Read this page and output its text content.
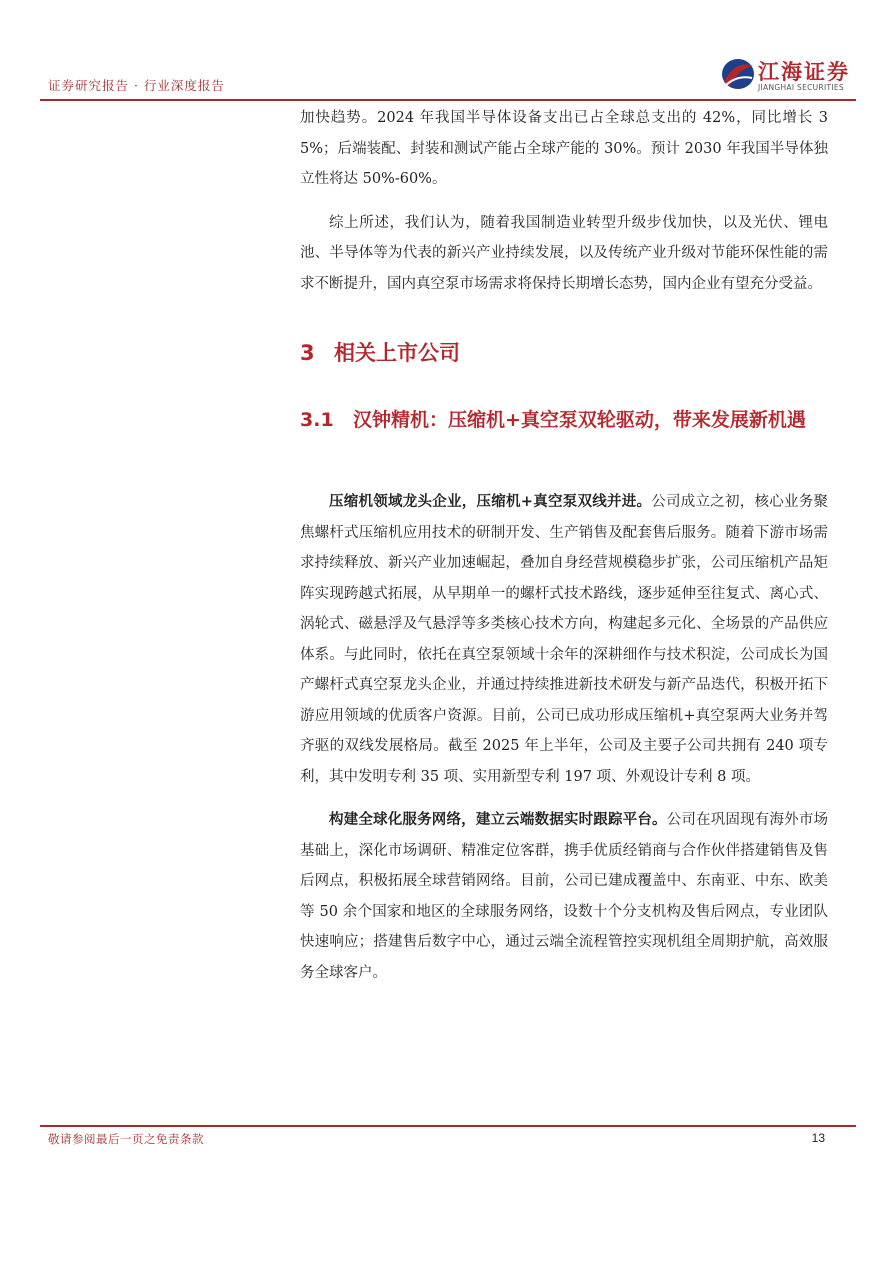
证券研究报告 · 行业深度报告
江海证券
JIANGHAI SECURITIES

加快趋势。2024 年我国半导体设备支出已占全球总支出的 42%，同比增长 35%；后端装配、封装和测试产能占全球产能的 30%。预计 2030 年我国半导体独立性将达 50%-60%。

综上所述，我们认为，随着我国制造业转型升级步伐加快，以及光伏、锂电池、半导体等为代表的新兴产业持续发展，以及传统产业升级对节能环保性能的需求不断提升，国内真空泵市场需求将保持长期增长态势，国内企业有望充分受益。

3 相关上市公司
3.1 汉钟精机：压缩机+真空泵双轮驱动，带来发展新机遇

压缩机领域龙头企业，压缩机+真空泵双线并进。公司成立之初，核心业务聚焦螺杆式压缩机应用技术的研制开发、生产销售及配套售后服务。随着下游市场需求持续释放、新兴产业加速崛起，叠加自身经营规模稳步扩张，公司压缩机产品矩阵实现跨越式拓展，从早期单一的螺杆式技术路线，逐步延伸至往复式、离心式、涡轮式、磁悬浮及气悬浮等多类核心技术方向，构建起多元化、全场景的产品供应体系。与此同时，依托在真空泵领域十余年的深耕细作与技术积淀，公司成长为国产螺杆式真空泵龙头企业，并通过持续推进新技术研发与新产品迭代，积极开拓下游应用领域的优质客户资源。目前，公司已成功形成压缩机+真空泵两大业务并驾齐驱的双线发展格局。截至 2025 年上半年，公司及主要子公司共拥有 240 项专利，其中发明专利 35 项、实用新型专利 197 项、外观设计专利 8 项。

构建全球化服务网络，建立云端数据实时跟踪平台。公司在巩固现有海外市场基础上，深化市场调研、精准定位客群，携手优质经销商与合作伙伴搭建销售及售后网点，积极拓展全球营销网络。目前，公司已建成覆盖中、东南亚、中东、欧美等 50 余个国家和地区的全球服务网络，设数十个分支机构及售后网点，专业团队快速响应；搭建售后数字中心，通过云端全流程管控实现机组全周期护航，高效服务全球客户。

敬请参阅最后一页之免责条款	13
